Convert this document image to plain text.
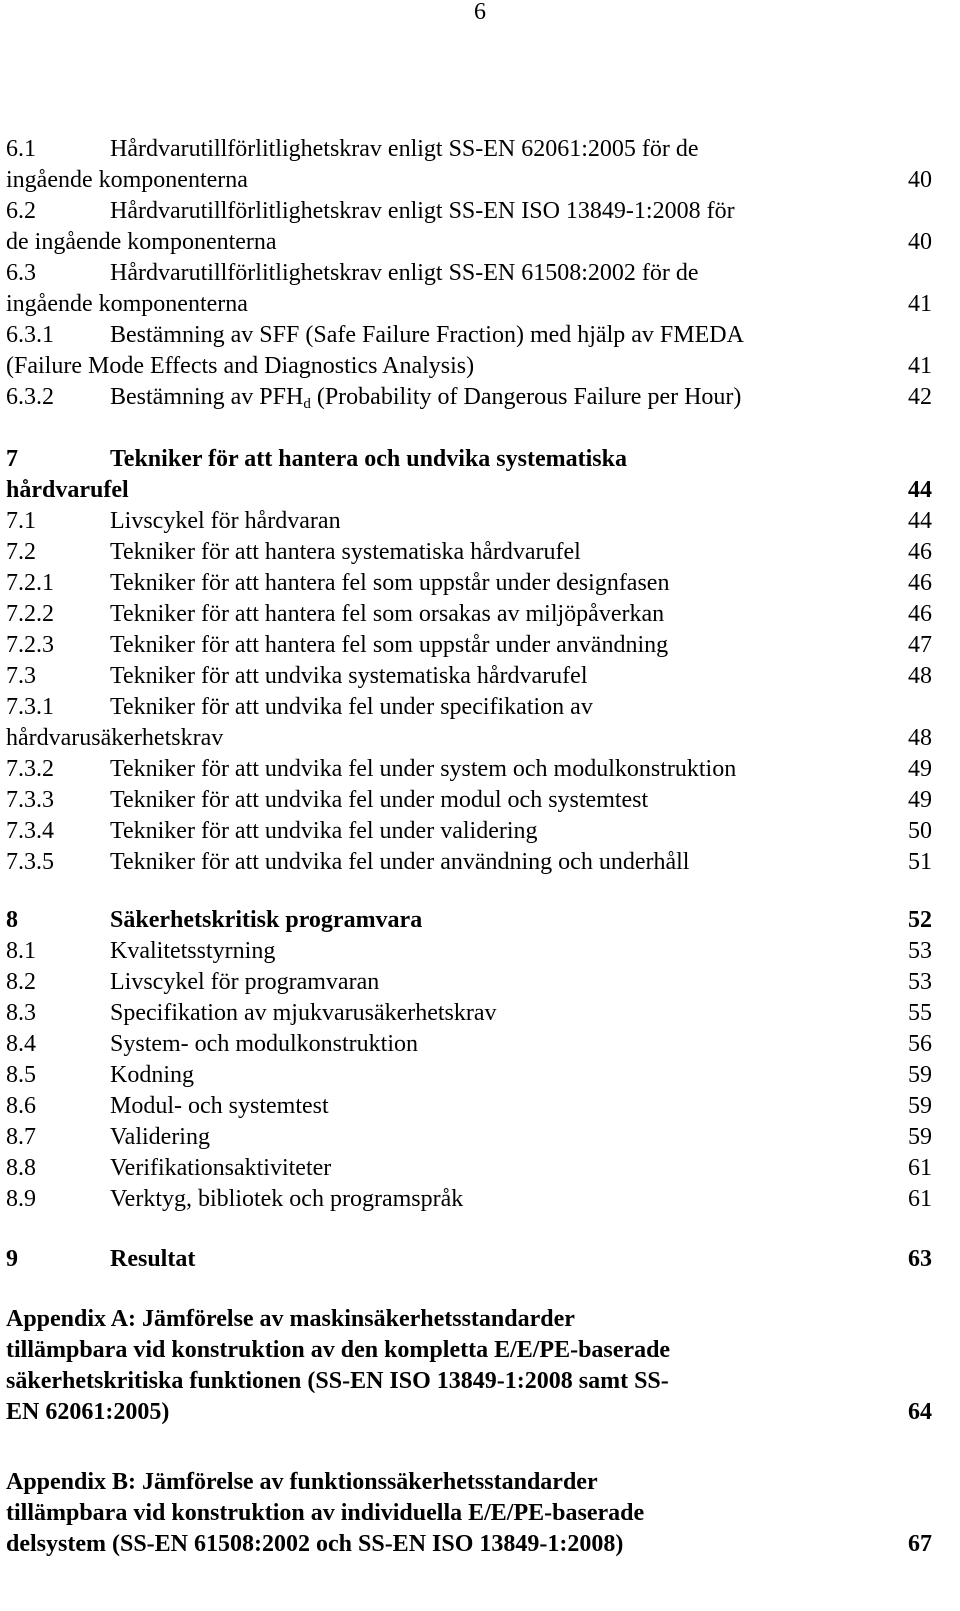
6
6.1	Hårdvarutillförlitlighetskrav enligt SS-EN 62061:2005 för de
ingående komponenterna	40
6.2	Hårdvarutillförlitlighetskrav enligt SS-EN ISO 13849-1:2008 för
de ingående komponenterna	40
6.3	Hårdvarutillförlitlighetskrav enligt SS-EN 61508:2002 för de
ingående komponenterna	41
6.3.1 Bestämning av SFF (Safe Failure Fraction) med hjälp av FMEDA
(Failure Mode Effects and Diagnostics Analysis)	41
6.3.2 Bestämning av $PFH_d$ (Probability of Dangerous Failure per Hour)	42
7	Tekniker för att hantera och undvika systematiska
hårdvarufel	44
7.1	Livscykel för hårdvaran	44
7.2	Tekniker för att hantera systematiska hårdvarufel	46
7.2.1 Tekniker för att hantera fel som uppstår under designfasen	46
7.2.2 Tekniker för att hantera fel som orsakas av miljöpåverkan	46
7.2.3 Tekniker för att hantera fel som uppstår under användning	47
7.3	Tekniker för att undvika systematiska hårdvarufel	48
7.3.1 Tekniker för att undvika fel under specifikation av
hårdvarusäkerhetskrav	48
7.3.2 Tekniker för att undvika fel under system och modulkonstruktion	49
7.3.3 Tekniker för att undvika fel under modul och systemtest	49
7.3.4 Tekniker för att undvika fel under validering	50
7.3.5 Tekniker för att undvika fel under användning och underhåll	51
8	Säkerhetskritisk programvara	52
8.1	Kvalitetsstyrning	53
8.2	Livscykel för programvaran	53
8.3	Specifikation av mjukvarusäkerhetskrav	55
8.4	System- och modulkonstruktion	56
8.5	Kodning	59
8.6	Modul- och systemtest	59
8.7	Validering	59
8.8	Verifikationsaktiviteter	61
8.9	Verktyg, bibliotek och programspråk	61
9	Resultat	63
Appendix A: Jämförelse av maskinsäkerhetsstandarder
tillämpbara vid konstruktion av den kompletta E/E/PE-baserade
säkerhetskritiska funktionen (SS-EN ISO 13849-1:2008 samt SS-
EN 62061:2005)	64
Appendix B: Jämförelse av funktionssäkerhetsstandarder
tillämpbara vid konstruktion av individuella E/E/PE-baserade
delsystem (SS-EN 61508:2002 och SS-EN ISO 13849-1:2008)	67
